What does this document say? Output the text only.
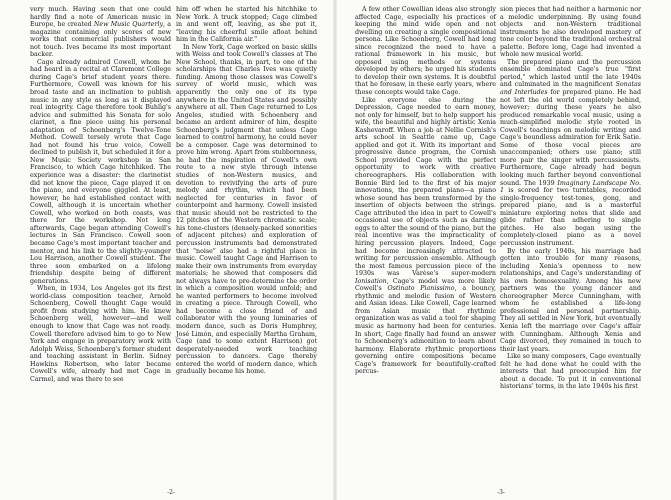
very much. Having seen that one could hardly find a note of American music in Europe, he created New Music Quarterly, a magazine containing only scores of new works that commercial publishers would not touch. Ives became its most important backer.

Cage already admired Cowell, whom he had heard in a recital at Claremont College during Cage's brief student years there. Furthermore, Cowell was known for his broad taste and an inclination to publish music in any style as long as it displayed real integrity. Cage therefore took Buhlig's advice and submitted his Sonata for solo clarinet, a fine piece using his personal adaptation of Schoenberg's Twelve-Tone Method. Cowell tersely wrote that Cage had not found his true voice, Cowell declined to publish it, but scheduled it for a New Music Society workshop in San Francisco, to which Cage hitchhiked. The experience was a disaster: the clarinetist did not know the piece, Cage played it on the piano, and everyone giggled. At least, however, he had established contact with Cowell, although it is uncertain whether Cowell, who worked on both coasts, was there for the workshop. Not long afterwards, Cage began attending Cowell's lectures in San Francisco. Cowell soon became Cage's most important teacher and mentor, and his link to the slightly-younger Lou Harrison, another Cowell student. The three soon embarked on a lifelong friendship despite being of different generations.

When, in 1934, Los Angeles got its first world-class composition teacher, Arnold Schoenberg, Cowell thought Cage would profit from studying with him. He knew Schoenberg well, however—and well enough to know that Cage was not ready. Cowell therefore advised him to go to New York and engage in preparatory work with Adolph Weiss, Schoenberg's former student and teaching assistant in Berlin. Sidney Hawkins Robertson, who later became Cowell's wife, already had met Cage in Carmel, and was there to see

him off when he started his hitchhike to New York. A truck stopped; Cage climbed in and went off, leaving, as she put it, "leaving his cheerful smile afloat behind him in the California air."

In New York, Cage worked on basic skills with Weiss and took Cowell's classes at The New School, thanks, in part, to one of the scholarships that Charles Ives was quietly funding. Among those classes was Cowell's survey of world music, which was apparently the only one of its type anywhere in the United States and possibly anywhere at all. Then Cage returned to Los Angeles, studied with Schoenberg and became an ardent admirer of him, despite Schoenberg's judgment that unless Cage learned to control harmony, he could never be a composer. Cage was determined to prove him wrong. Apart from stubbornness, he had the inspiration of Cowell's own route to a new style through intense studies of non-Western musics, and devotion to revivifying the arts of pure melody and rhythm, which had been neglected for centuries in favor of counterpoint and harmony. Cowell insisted that music should not be restricted to the 12 pitches of the Western chromatic scale; his tone-clusters (densely-packed sonorities of adjacent pitches) and exploration of percussion instruments had demonstrated that "noise" also had a rightful place in music. Cowell taught Cage and Harrison to make their own instruments from everyday materials; he showed that composers did not always have to pre-determine the order in which a composition would unfold; and he wanted performers to become involved in creating a piece. Through Cowell, who had become a close friend of and collaborator with the young luminaries of modern dance, such as Doris Humphrey, José Limón, and especially Martha Graham, Cage (and to some extent Harrison) got desperately-needed work teaching percussion to dancers. Cage thereby entered the world of modern dance, which gradually became his home.

-2-

A few other Cowellian ideas also strongly affected Cage, especially his practices of keeping the mind wide open and not dwelling on creating a single compositional persona. Like Schoenberg, Cowell had long since recognized the need to have a rational framework in his music, but opposed using methods or systems developed by others; he urged his students to develop their own systems. It is doubtful that he foresaw, in these early years, where those concepts would take Cage.

Like everyone else during the Depression, Cage needed to earn money, not only for himself, but to help support his wife, the beautiful and highly artistic Xenia Kashevaroff. When a job at Nellie Cornish's arts school in Seattle came up, Cage applied and got it. With its important and progressive dance program, the Cornish School provided Cage with the perfect opportunity to work with creative choreographers. His collaboration with Bonnie Bird led to the first of his major innovations, the prepared piano—a piano whose sound has been transformed by the insertion of objects between the strings. Cage attributed the idea in part to Cowell's occasional use of objects such as darning eggs to alter the sound of the piano, but the real incentive was the impracticality of hiring percussion players. Indeed, Cage had become increasingly attracted to writing for percussion ensemble. Although the most famous percussion piece of the 1930s was Varèse's super-modern Ionisation, Cage's model was more likely Cowell's Ostinato Pianissimo, a bouncy, rhythmic and melodic fusion of Western and Asian ideas. Like Cowell, Cage learned from Asian music that rhythmic organization was as valid a tool for shaping music as harmony had been for centuries. In short, Cage finally had found an answer to Schoenberg's admonition to learn about harmony. Elaborate rhythmic proportions governing entire compositions became Cage's framework for beautifully-crafted percus-

sion pieces that had neither a harmonic nor a melodic underpinning. By using found objects and non-Western traditional instruments he also developed mastery of tone color beyond the traditional orchestral palette. Before long, Cage had invented a whole new musical world.

The prepared piano and the percussion ensemble dominated Cage's true "first period," which lasted until the late 1940s and culminated in the magnificent Sonatas and Interludes for prepared piano. He had not left the old world completely behind, however; during these years he also produced remarkable vocal music, using a much-simplified melodic style rooted in Cowell's teachings on melodic writing and Cage's boundless admiration for Erik Satie. Some of those vocal pieces are unaccompanied; others use piano; still more pair the singer with percussionists. Furthermore, Cage already had begun looking much farther beyond conventional sound. The 1939 Imaginary Landscape No. 1 is scored for two turntables, recorded single-frequency test-tones, gong, and prepared piano, and is a masterful miniature exploring notes that slide and glide rather than adhering to single pitches. He also began using the completely-closed piano as a novel percussion instrument.

By the early 1940s, his marriage had gotten into trouble for many reasons, including Xenia's openness to new relationships, and Cage's understanding of his own homosexuality. Among his new partners was the young dancer and choreographer Merce Cunningham, with whom he established a life-long professional and personal partnership. They all settled in New York, but eventually Xenia left the marriage over Cage's affair with Cunningham. Although Xenia and Cage divorced, they remained in touch to their last years.

Like so many composers, Cage eventually felt he had done what he could with the interests that had preoccupied him for about a decade. To put it in conventional historians' terms, in the late 1940s his first

-3-
